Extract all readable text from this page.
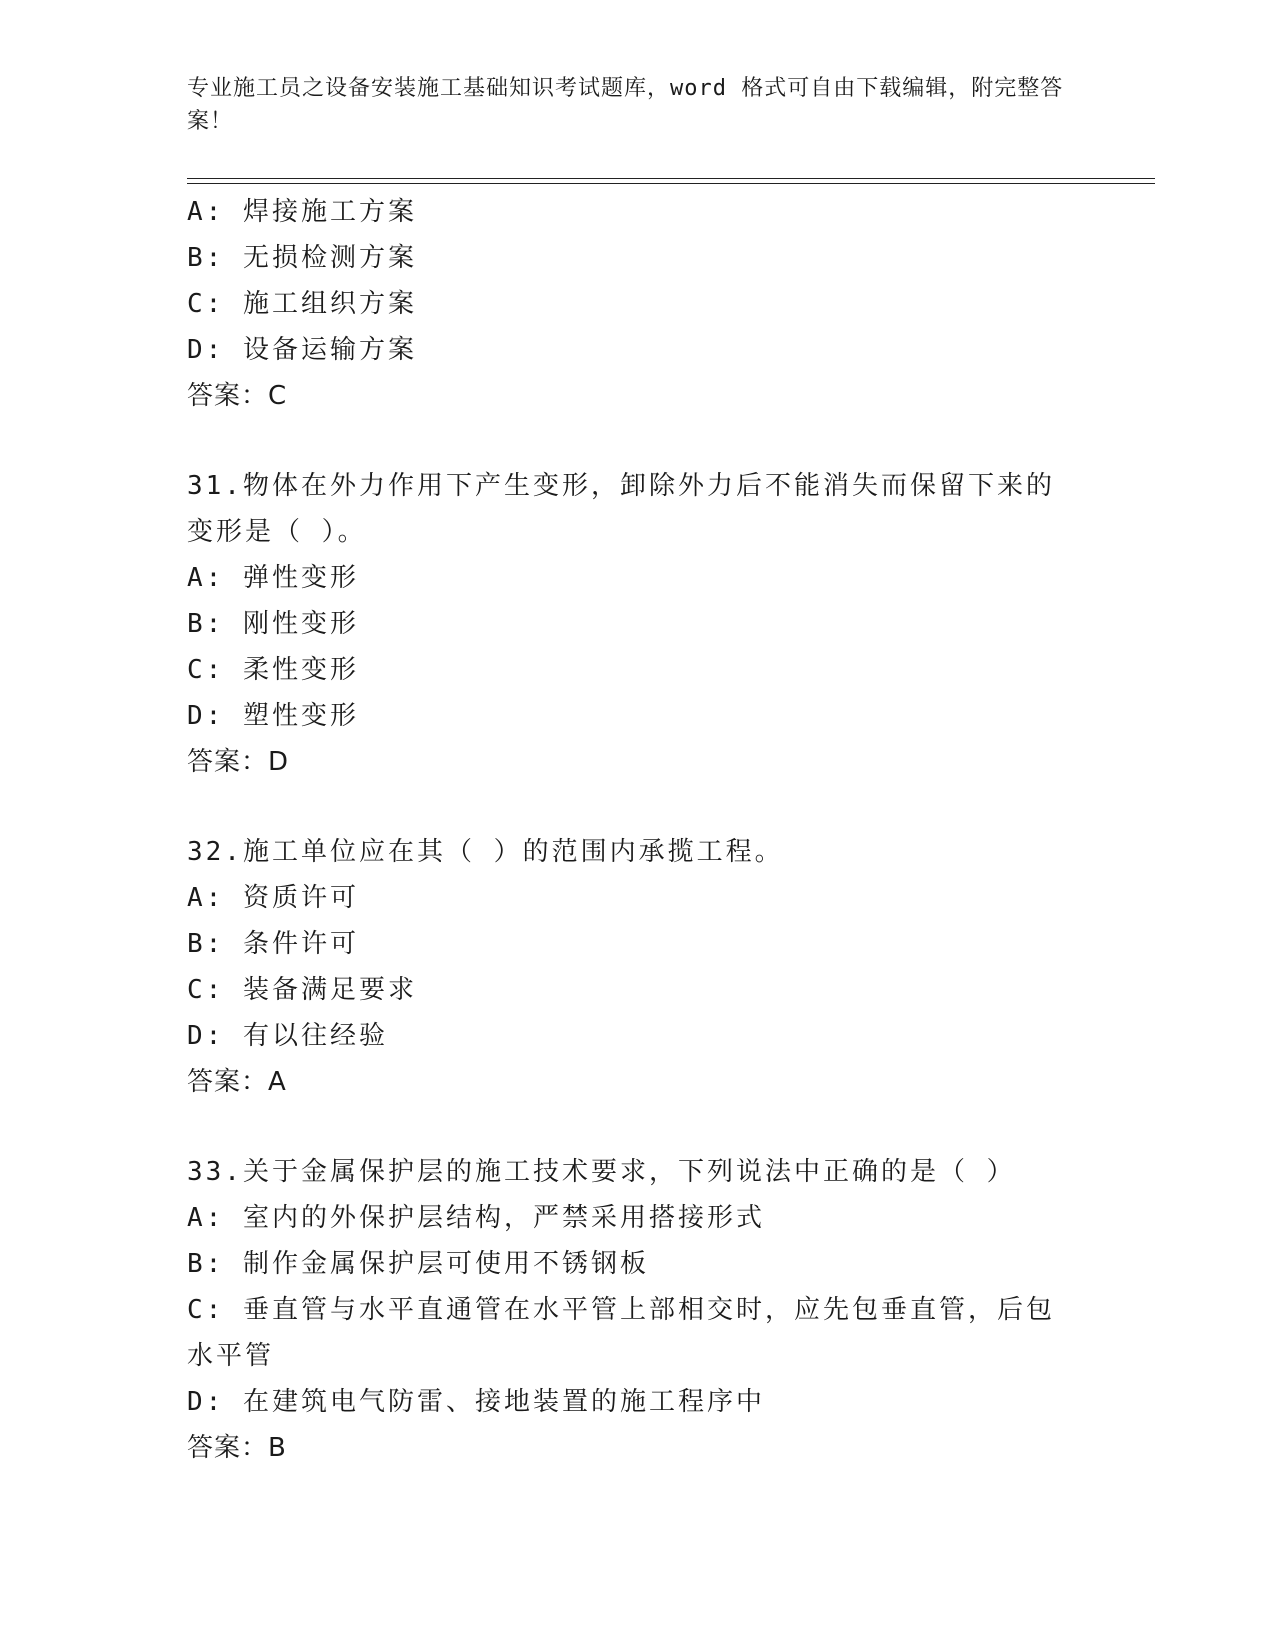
专业施工员之设备安装施工基础知识考试题库，word 格式可自由下载编辑，附完整答案！
A: 焊接施工方案
B: 无损检测方案
C: 施工组织方案
D: 设备运输方案
答案：C
31.物体在外力作用下产生变形，卸除外力后不能消失而保留下来的变形是（ ）。
A: 弹性变形
B: 刚性变形
C: 柔性变形
D: 塑性变形
答案：D
32.施工单位应在其（ ）的范围内承揽工程。
A: 资质许可
B: 条件许可
C: 装备满足要求
D: 有以往经验
答案：A
33.关于金属保护层的施工技术要求，下列说法中正确的是（ ）
A: 室内的外保护层结构，严禁采用搭接形式
B: 制作金属保护层可使用不锈钢板
C: 垂直管与水平直通管在水平管上部相交时，应先包垂直管，后包水平管
D: 在建筑电气防雷、接地装置的施工程序中
答案：B
